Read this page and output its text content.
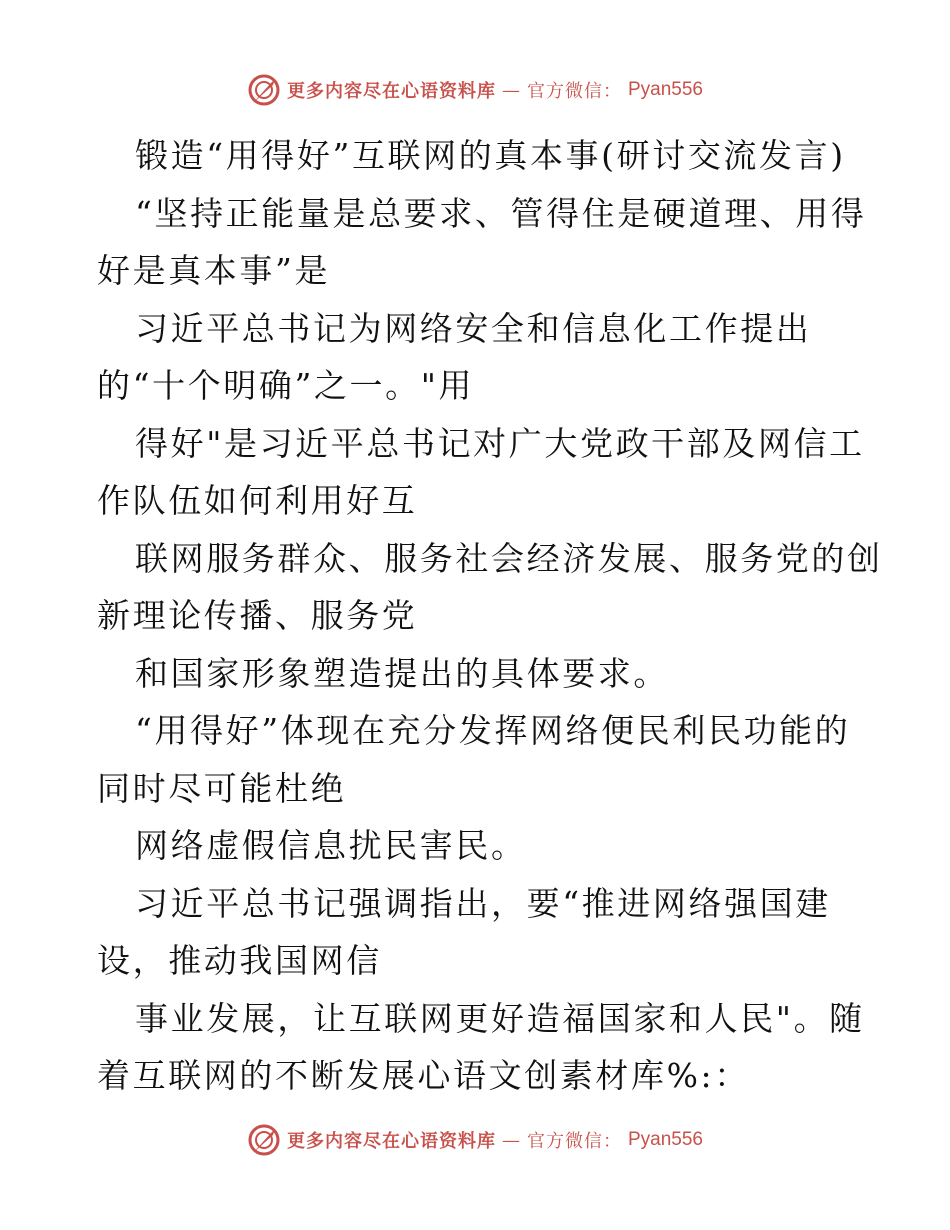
更多内容尽在心语资料库 — 官方微信： Pyan556
锻造“用得好”互联网的真本事(研讨交流发言)
“坚持正能量是总要求、管得住是硬道理、用得
好是真本事”是
习近平总书记为网络安全和信息化工作提出
的“十个明确”之一。"用
得好"是习近平总书记对广大党政干部及网信工
作队伍如何利用好互
联网服务群众、服务社会经济发展、服务党的创
新理论传播、服务党
和国家形象塑造提出的具体要求。
“用得好”体现在充分发挥网络便民利民功能的
同时尽可能杜绝
网络虚假信息扰民害民。
习近平总书记强调指出，要“推进网络强国建
设，推动我国网信
事业发展，让互联网更好造福国家和人民"。随
着互联网的不断发展心语文创素材库%:：
更多内容尽在心语资料库 — 官方微信： Pyan556
